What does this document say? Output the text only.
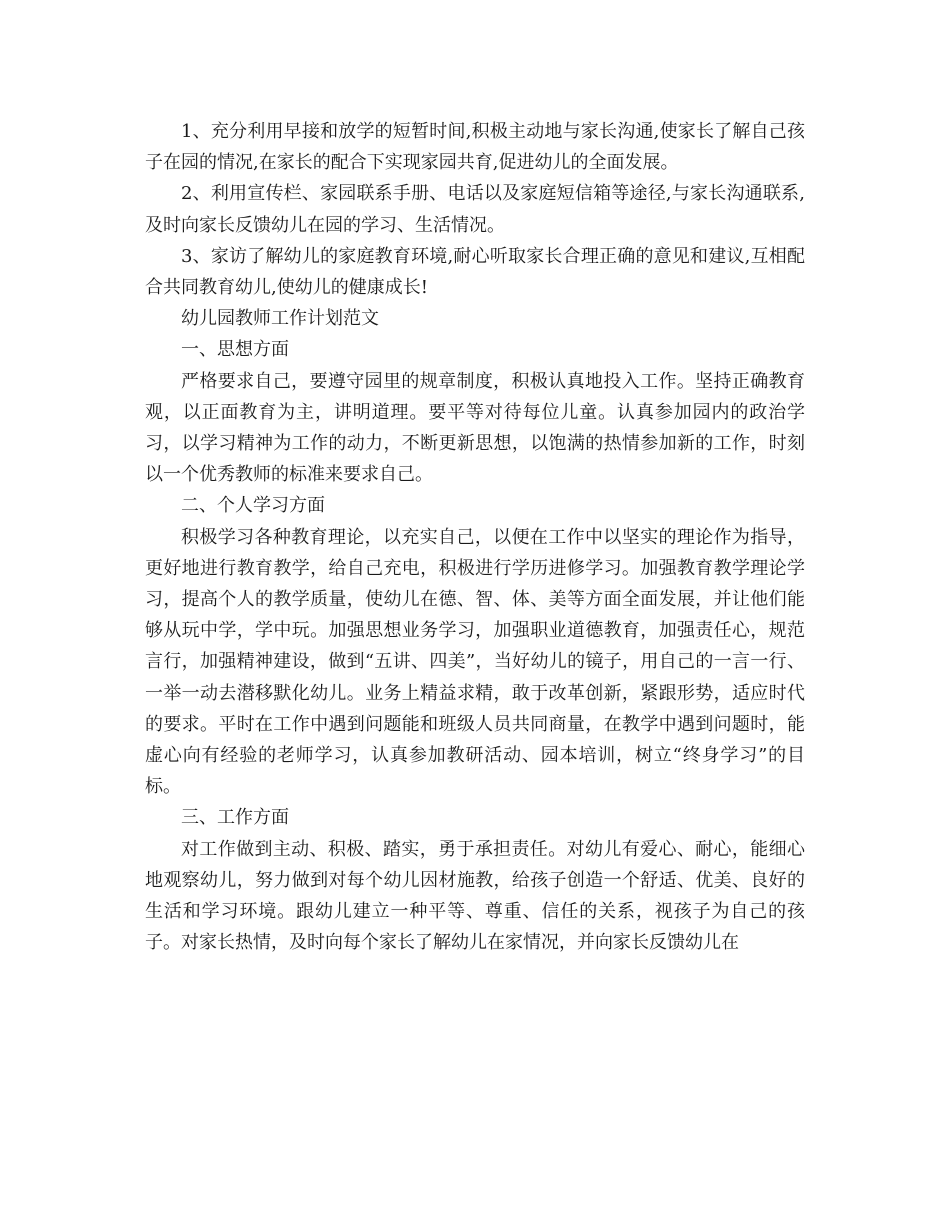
1、充分利用早接和放学的短暂时间,积极主动地与家长沟通,使家长了解自己孩子在园的情况,在家长的配合下实现家园共育,促进幼儿的全面发展。

2、利用宣传栏、家园联系手册、电话以及家庭短信箱等途径,与家长沟通联系,及时向家长反馈幼儿在园的学习、生活情况。

3、家访了解幼儿的家庭教育环境,耐心听取家长合理正确的意见和建议,互相配合共同教育幼儿,使幼儿的健康成长!

幼儿园教师工作计划范文

一、思想方面

严格要求自己，要遵守园里的规章制度，积极认真地投入工作。坚持正确教育观，以正面教育为主，讲明道理。要平等对待每位儿童。认真参加园内的政治学习，以学习精神为工作的动力，不断更新思想，以饱满的热情参加新的工作，时刻以一个优秀教师的标准来要求自己。

二、个人学习方面

积极学习各种教育理论，以充实自己，以便在工作中以坚实的理论作为指导，更好地进行教育教学，给自己充电，积极进行学历进修学习。加强教育教学理论学习，提高个人的教学质量，使幼儿在德、智、体、美等方面全面发展，并让他们能够从玩中学，学中玩。加强思想业务学习，加强职业道德教育，加强责任心，规范言行，加强精神建设，做到“五讲、四美”，当好幼儿的镜子，用自己的一言一行、一举一动去潜移默化幼儿。业务上精益求精，敢于改革创新，紧跟形势，适应时代的要求。平时在工作中遇到问题能和班级人员共同商量，在教学中遇到问题时，能虚心向有经验的老师学习，认真参加教研活动、园本培训，树立“终身学习”的目标。

三、工作方面

对工作做到主动、积极、踏实，勇于承担责任。对幼儿有爱心、耐心，能细心地观察幼儿，努力做到对每个幼儿因材施教，给孩子创造一个舒适、优美、良好的生活和学习环境。跟幼儿建立一种平等、尊重、信任的关系，视孩子为自己的孩子。对家长热情，及时向每个家长了解幼儿在家情况，并向家长反馈幼儿在
